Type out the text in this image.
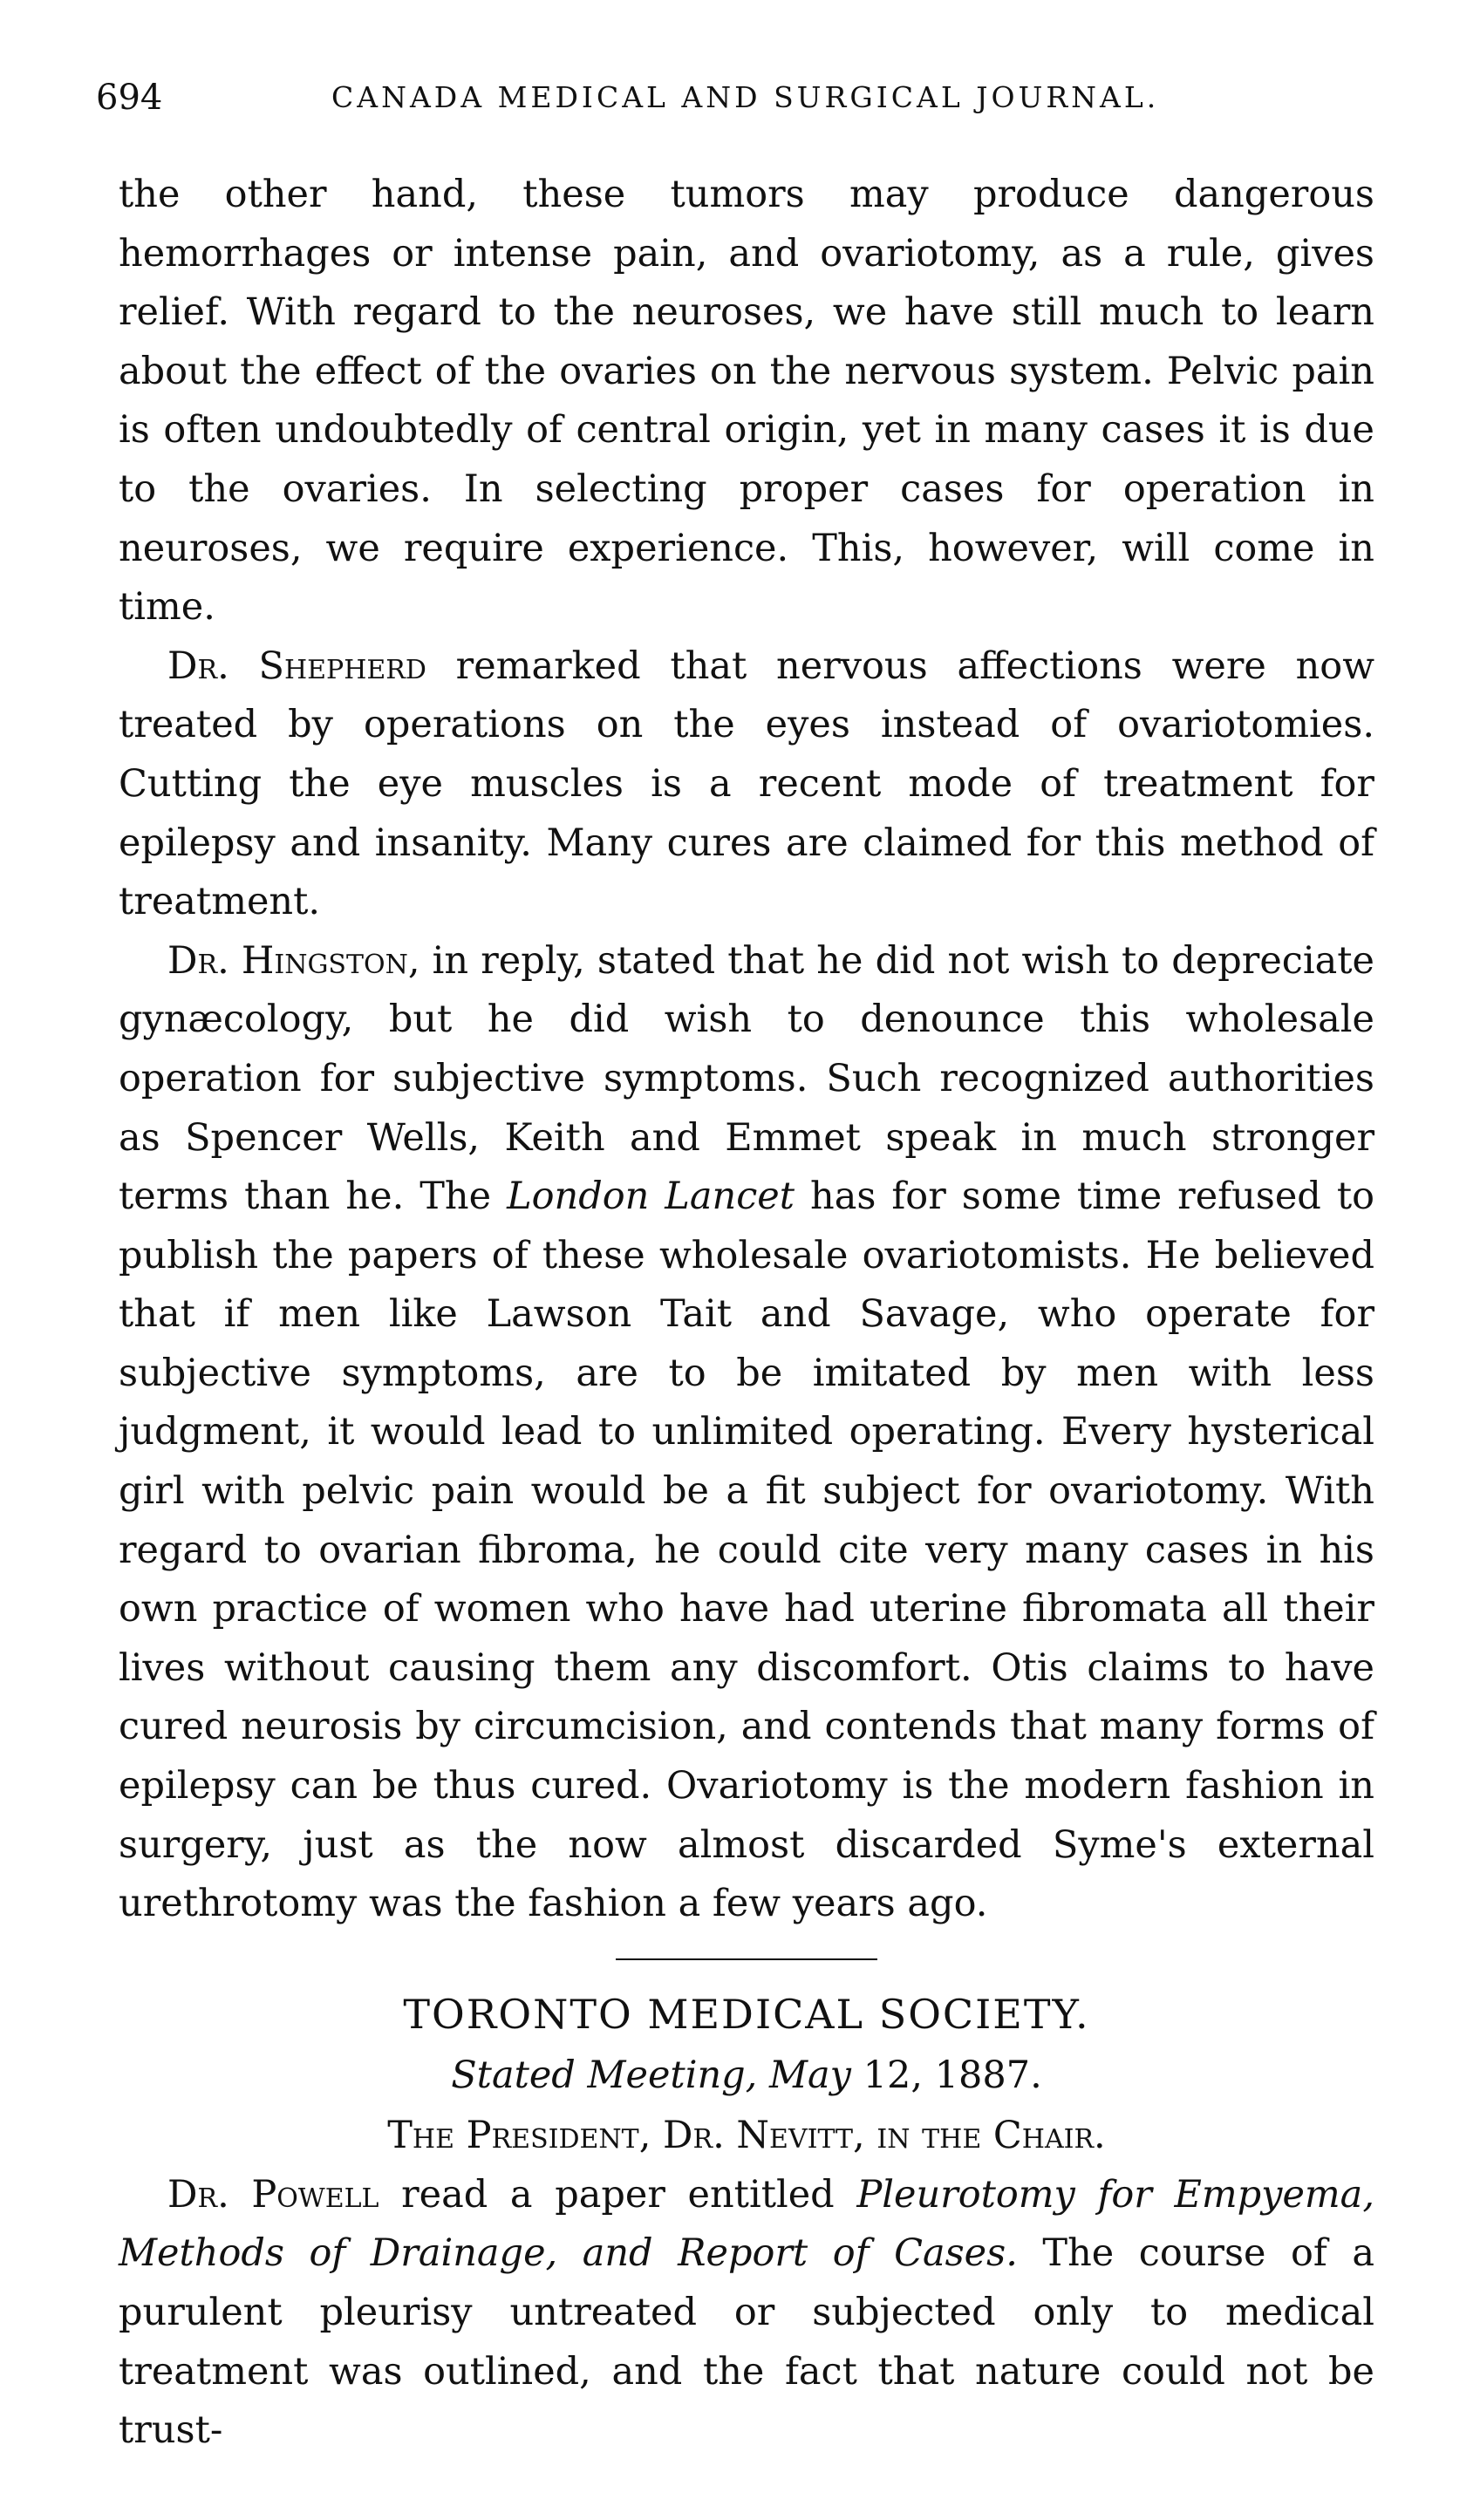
694	CANADA MEDICAL AND SURGICAL JOURNAL.

the other hand, these tumors may produce dangerous hemorrhages or intense pain, and ovariotomy, as a rule, gives relief. With regard to the neuroses, we have still much to learn about the effect of the ovaries on the nervous system. Pelvic pain is often undoubtedly of central origin, yet in many cases it is due to the ovaries. In selecting proper cases for operation in neuroses, we require experience. This, however, will come in time.

Dr. Shepherd remarked that nervous affections were now treated by operations on the eyes instead of ovariotomies. Cutting the eye muscles is a recent mode of treatment for epilepsy and insanity. Many cures are claimed for this method of treatment.

Dr. Hingston, in reply, stated that he did not wish to depreciate gynæcology, but he did wish to denounce this wholesale operation for subjective symptoms. Such recognized authorities as Spencer Wells, Keith and Emmet speak in much stronger terms than he. The London Lancet has for some time refused to publish the papers of these wholesale ovariotomists. He believed that if men like Lawson Tait and Savage, who operate for subjective symptoms, are to be imitated by men with less judgment, it would lead to unlimited operating. Every hysterical girl with pelvic pain would be a fit subject for ovariotomy. With regard to ovarian fibroma, he could cite very many cases in his own practice of women who have had uterine fibromata all their lives without causing them any discomfort. Otis claims to have cured neurosis by circumcision, and contends that many forms of epilepsy can be thus cured. Ovariotomy is the modern fashion in surgery, just as the now almost discarded Syme's external urethrotomy was the fashion a few years ago.

TORONTO MEDICAL SOCIETY.

Stated Meeting, May 12, 1887.

The President, Dr. Nevitt, in the Chair.

Dr. Powell read a paper entitled Pleurotomy for Empyema, Methods of Drainage, and Report of Cases. The course of a purulent pleurisy untreated or subjected only to medical treatment was outlined, and the fact that nature could not be trust-
